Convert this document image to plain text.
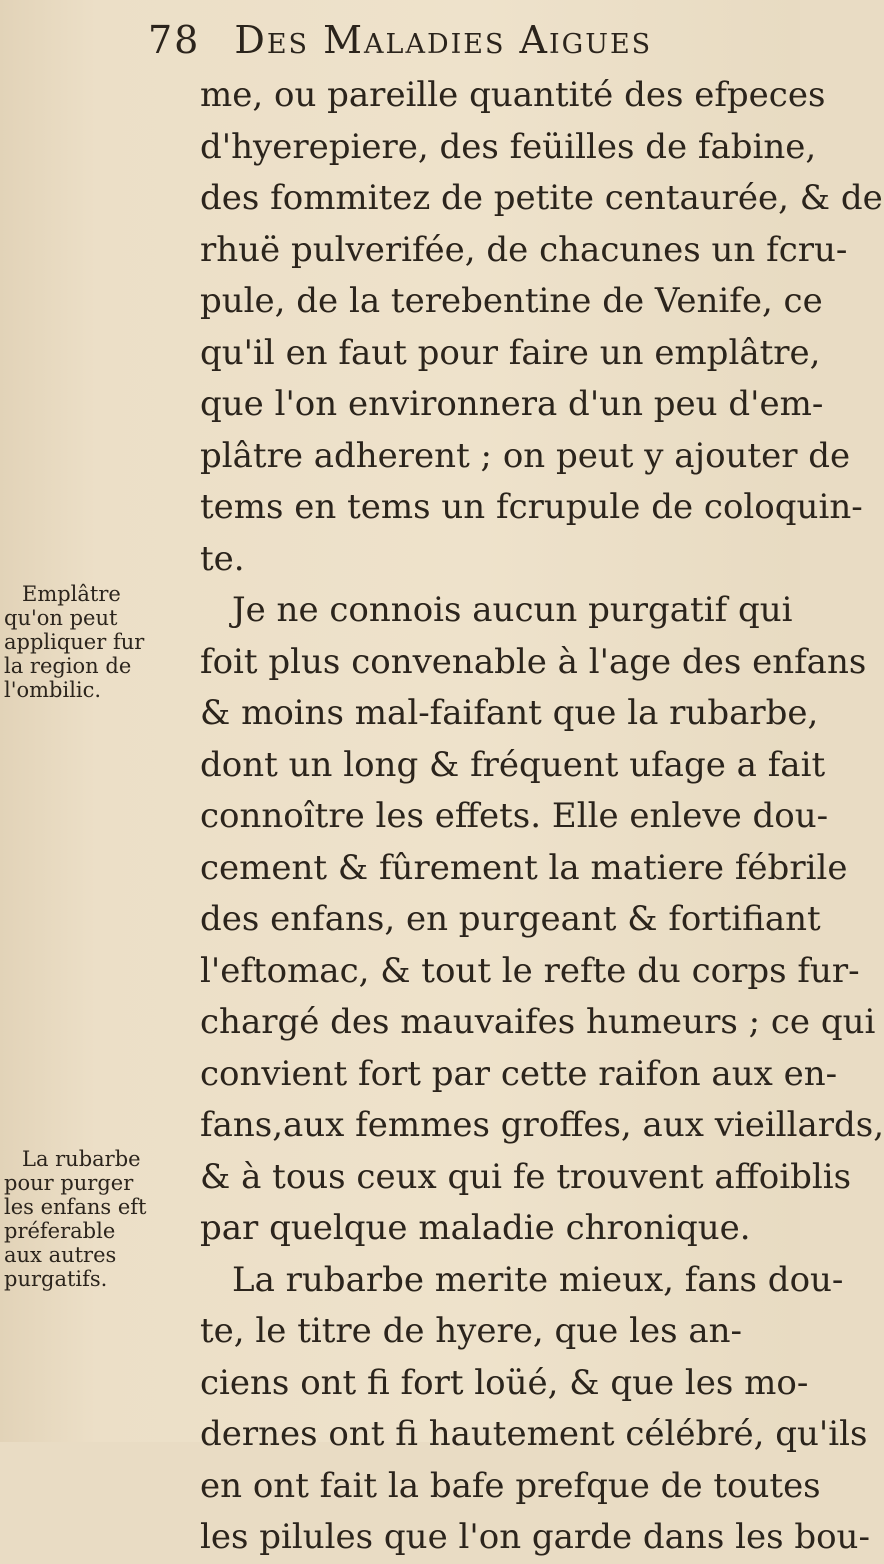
78 Des Maladies Aigues
me, ou pareille quantité des efpeces
d'hyerepiere, des feüilles de fabine,
des fommitez de petite centaurée, & de
rhuë pulverifée, de chacunes un fcru-
pule, de la terebentine de Venife, ce
qu'il en faut pour faire un emplâtre,
que l'on environnera d'un peu d'em-
plâtre adherent ; on peut y ajouter de
tems en tems un fcrupule de coloquin-
te.
Je ne connois aucun purgatif qui
foit plus convenable à l'age des enfans
& moins mal-faifant que la rubarbe,
dont un long & fréquent ufage a fait
connoître les effets. Elle enleve dou-
cement & fûrement la matiere fébrile
des enfans, en purgeant & fortifiant
l'eftomac, & tout le refte du corps fur-
chargé des mauvaifes humeurs ; ce qui
convient fort par cette raifon aux en-
fans,aux femmes groffes, aux vieillards,
& à tous ceux qui fe trouvent affoiblis
par quelque maladie chronique.
La rubarbe merite mieux, fans dou-
te, le titre de hyere, que les an-
ciens ont fi fort loüé, & que les mo-
dernes ont fi hautement célébré, qu'ils
en ont fait la bafe prefque de toutes
les pilules que l'on garde dans les bou-
Emplâtre
qu'on peut
appliquer fur
la region de
l'ombilic.
La rubarbe
pour purger
les enfans eft
préferable
aux autres
purgatifs.
